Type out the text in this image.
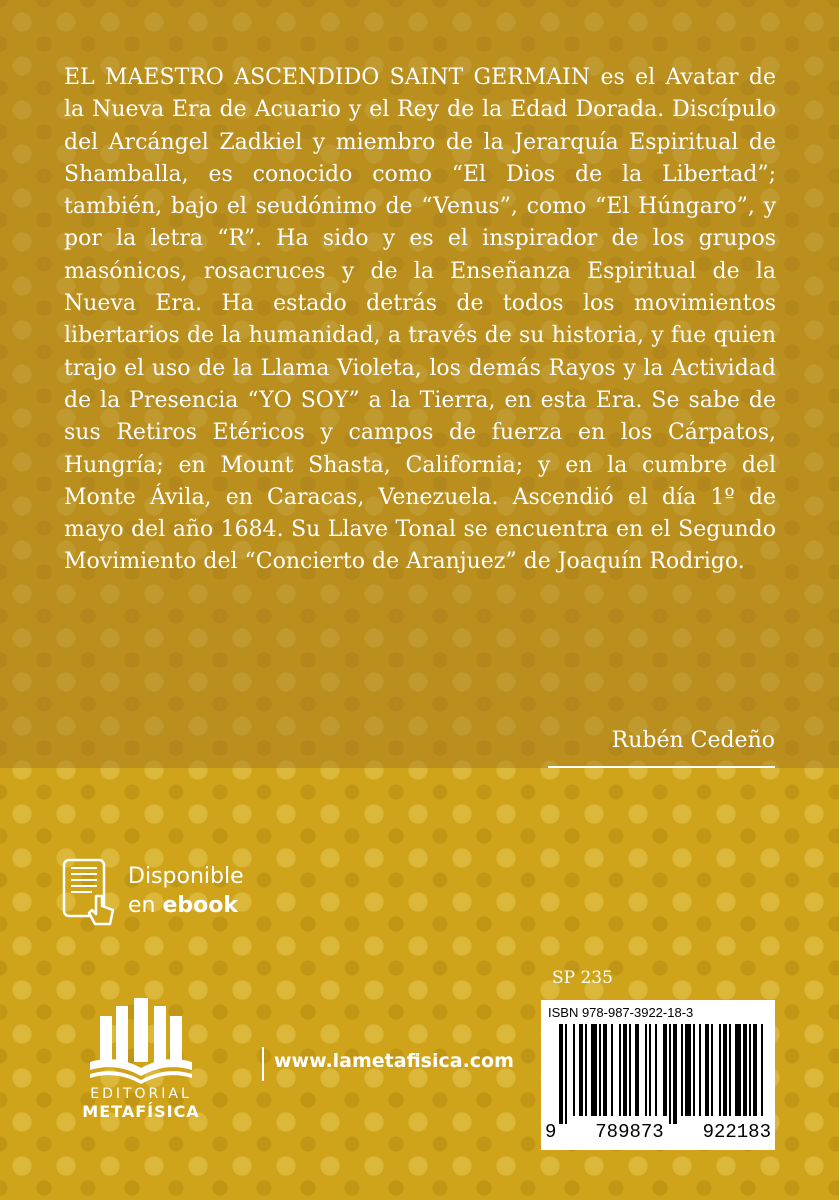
EL MAESTRO ASCENDIDO SAINT GERMAIN es el Avatar de la Nueva Era de Acuario y el Rey de la Edad Dorada. Discípulo del Arcángel Zadkiel y miembro de la Jerarquía Espiritual de Shamballa, es conocido como “El Dios de la Libertad”; también, bajo el seudónimo de “Venus”, como “El Húngaro”, y por la letra “R”. Ha sido y es el inspirador de los grupos masónicos, rosacruces y de la Enseñanza Espiritual de la Nueva Era. Ha estado detrás de todos los movimientos libertarios de la humanidad, a través de su historia, y fue quien trajo el uso de la Llama Violeta, los demás Rayos y la Actividad de la Presencia “YO SOY” a la Tierra, en esta Era. Se sabe de sus Retiros Etéricos y campos de fuerza en los Cárpatos, Hungría; en Mount Shasta, California; y en la cumbre del Monte Ávila, en Caracas, Venezuela. Ascendió el día 1º de mayo del año 1684. Su Llave Tonal se encuentra en el Segundo Movimiento del “Concierto de Aranjuez” de Joaquín Rodrigo.

Rubén Cedeño
Disponible
en ebook
EDITORIAL
METAFÍSICA
www.lametafisica.com
SP 235
ISBN 978-987-3922-18-3
9 789873 922183
